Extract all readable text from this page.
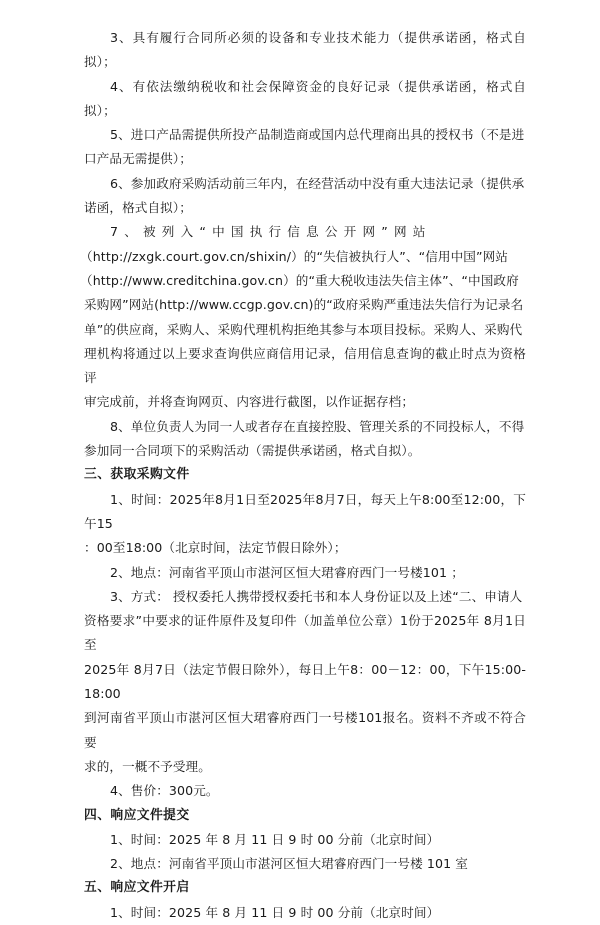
3、具有履行合同所必须的设备和专业技术能力（提供承诺函，格式自拟）；

4、有依法缴纳税收和社会保障资金的良好记录（提供承诺函，格式自拟）；

5、进口产品需提供所投产品制造商或国内总代理商出具的授权书（不是进

口产品无需提供）；

6、参加政府采购活动前三年内，在经营活动中没有重大违法记录（提供承

诺函，格式自拟）；

7、被列入“中国执行信息公开网”网站

（http://zxgk.court.gov.cn/shixin/）的“失信被执行人”、“信用中国”网站

（http://www.creditchina.gov.cn）的“重大税收违法失信主体”、“中国政府

采购网”网站(http://www.ccgp.gov.cn)的“政府采购严重违法失信行为记录名

单”的供应商，采购人、采购代理机构拒绝其参与本项目投标。采购人、采购代

理机构将通过以上要求查询供应商信用记录，信用信息查询的截止时点为资格评

审完成前，并将查询网页、内容进行截图，以作证据存档；

8、单位负责人为同一人或者存在直接控股、管理关系的不同投标人，不得

参加同一合同项下的采购活动（需提供承诺函，格式自拟）。

三、获取采购文件

1、时间：2025年8月1日至2025年8月7日，每天上午8:00至12:00，下午15

：00至18:00（北京时间，法定节假日除外）；

2、地点：河南省平顶山市湛河区恒大珺睿府西门一号楼101 ；

3、方式： 授权委托人携带授权委托书和本人身份证以及上述“二、申请人

资格要求”中要求的证件原件及复印件（加盖单位公章）1份于2025年 8月1日至

2025年 8月7日（法定节假日除外），每日上午8：00－12：00，下午15:00-18:00

到河南省平顶山市湛河区恒大珺睿府西门一号楼101报名。资料不齐或不符合要

求的，一概不予受理。

4、售价：300元。

四、响应文件提交

1、时间：2025 年 8 月 11 日 9 时 00 分前（北京时间）

2、地点：河南省平顶山市湛河区恒大珺睿府西门一号楼 101 室

五、响应文件开启

1、时间：2025 年 8 月 11 日 9 时 00 分前（北京时间）
